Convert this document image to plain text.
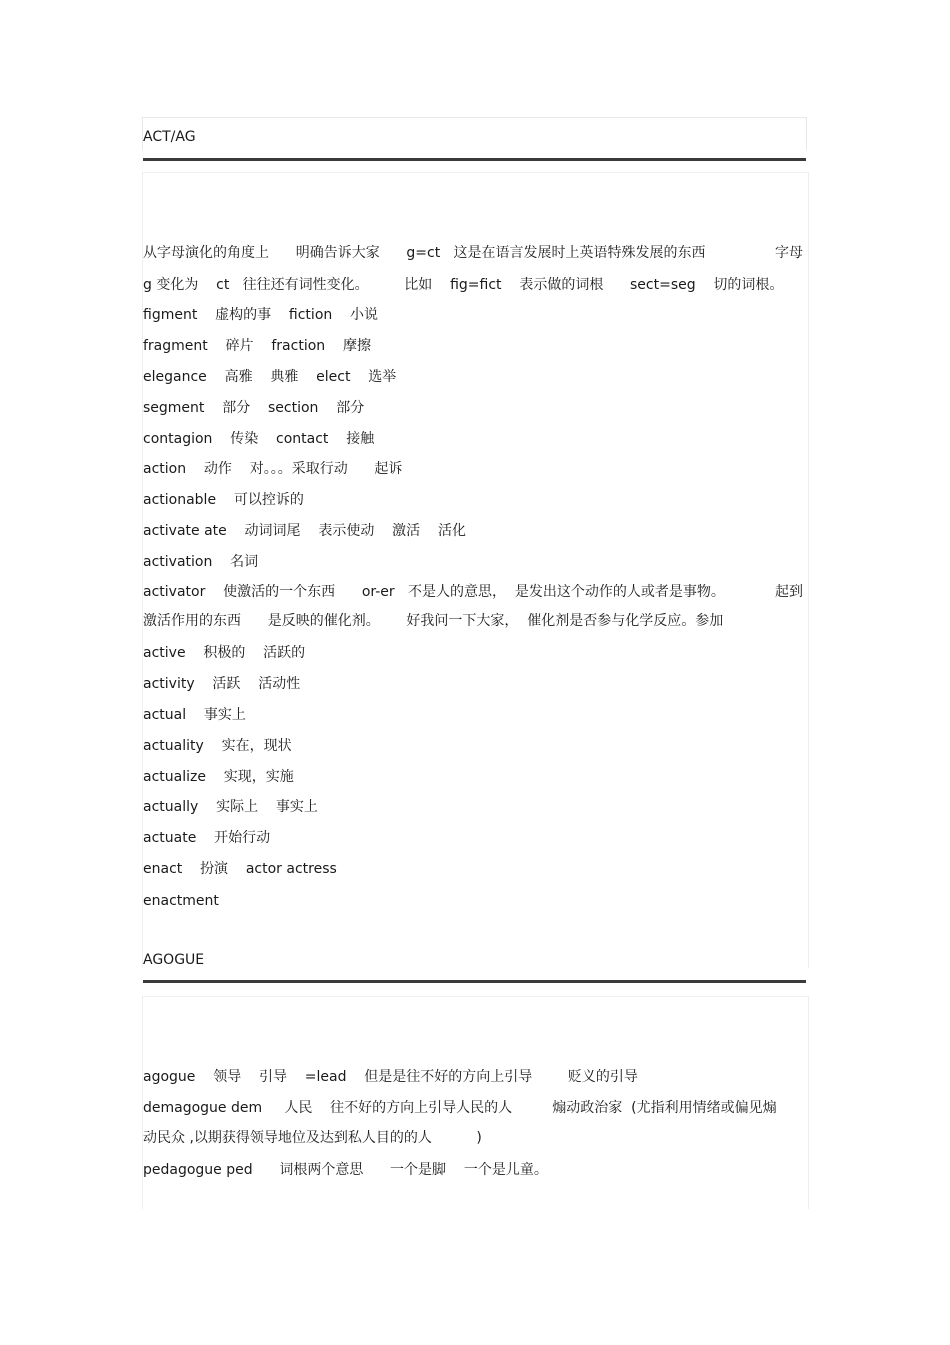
ACT/AG
从字母演化的角度上      明确告诉大家      g=ct   这是在语言发展时上英语特殊发展的东西	字母
g 变化为    ct   往往还有词性变化。        比如    fig=fict    表示做的词根      sect=seg    切的词根。
figment    虚构的事    fiction    小说
fragment    碎片    fraction    摩擦
elegance    高雅    典雅    elect    选举
segment    部分    section    部分
contagion    传染    contact    接触
action    动作    对。。。采取行动      起诉
actionable    可以控诉的
activate ate    动词词尾    表示使动    激活    活化
activation    名词
activator    使激活的一个东西      or-er   不是人的意思，  是发出这个动作的人或者是事物。	起到
激活作用的东西      是反映的催化剂。      好我问一下大家，  催化剂是否参与化学反应。参加
active    积极的    活跃的
activity    活跃    活动性
actual    事实上
actuality    实在，现状
actualize    实现，实施
actually    实际上    事实上
actuate    开始行动
enact    扮演    actor actress
enactment
AGOGUE
agogue    领导    引导    =lead    但是是往不好的方向上引导        贬义的引导
demagogue dem     人民    往不好的方向上引导人民的人         煽动政治家  (尤指利用情绪或偏见煽
动民众 ,以期获得领导地位及达到私人目的的人          )
pedagogue ped      词根两个意思      一个是脚    一个是儿童。
